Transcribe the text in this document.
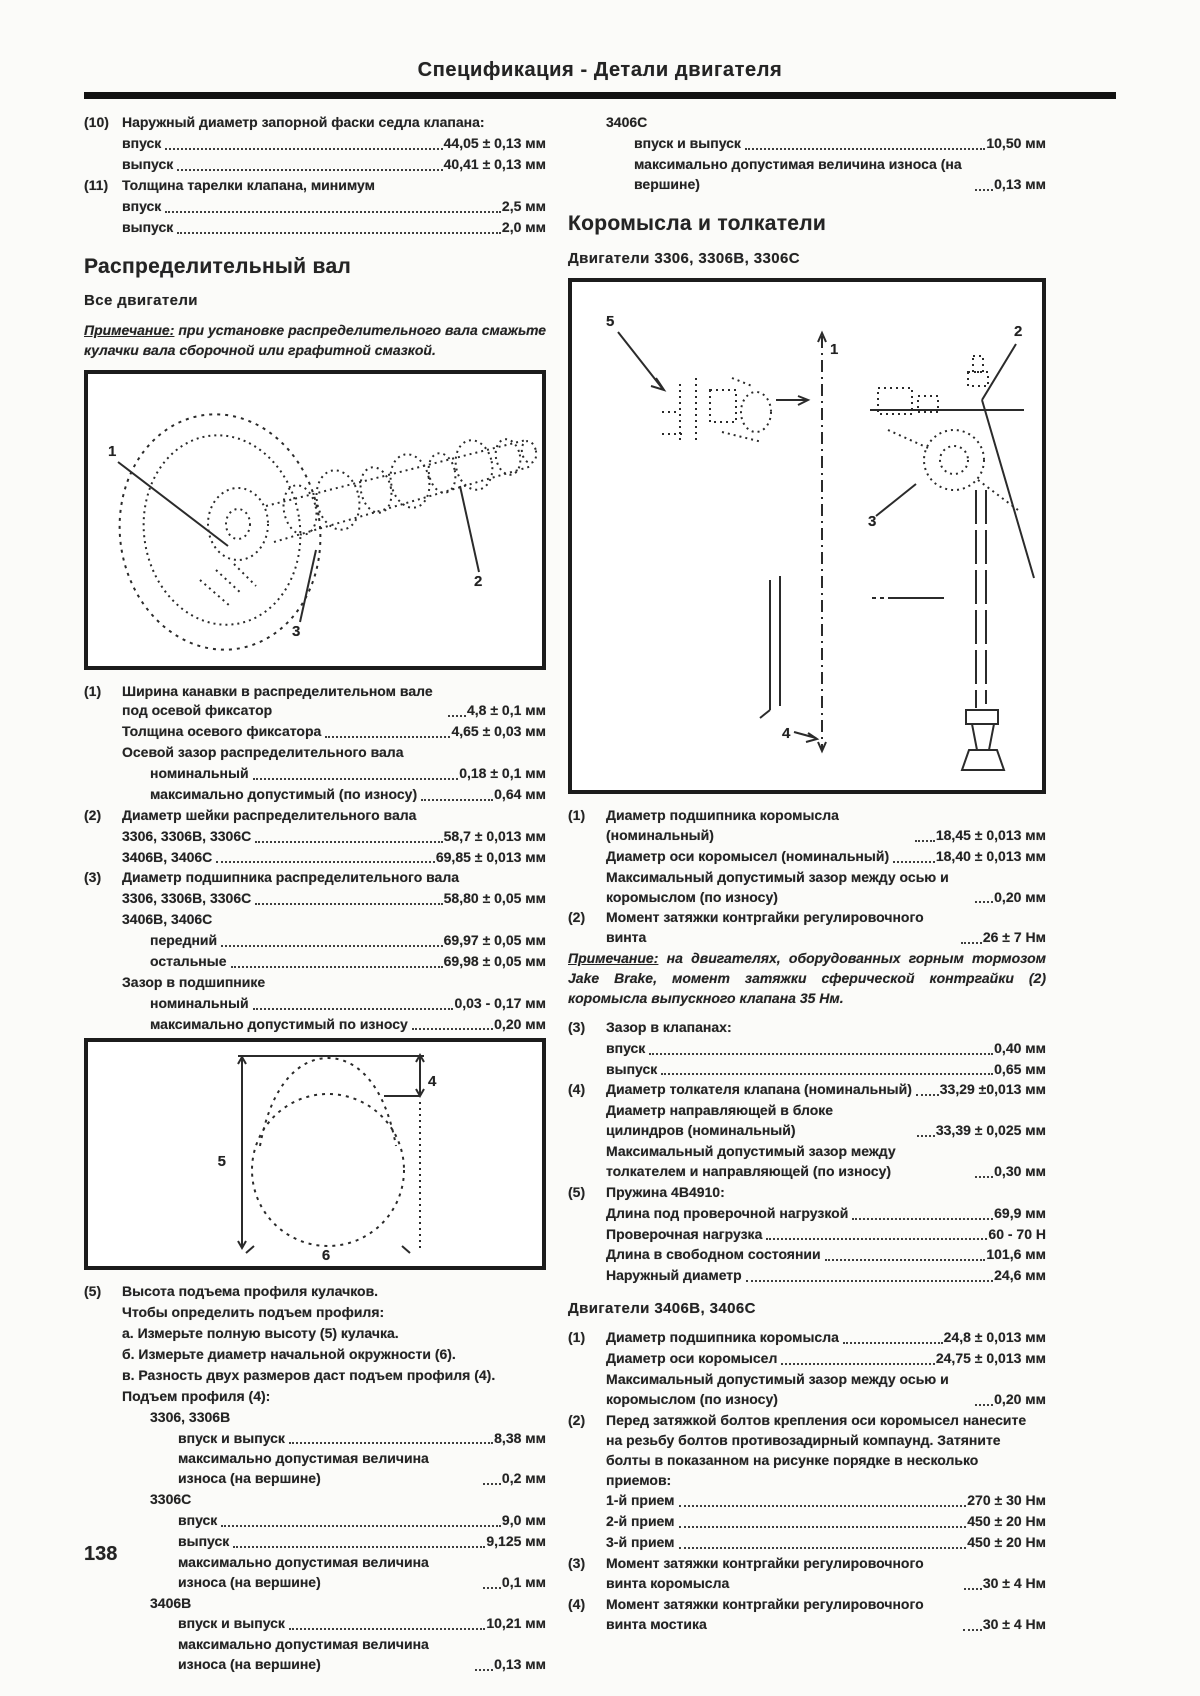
Спецификация - Детали двигателя
(10) Наружный диаметр запорной фаски седла клапана:
впуск	44,05 ± 0,13 мм
выпуск	40,41 ± 0,13 мм
(11) Толщина тарелки клапана, минимум
впуск	2,5 мм
выпуск	2,0 мм
Распределительный вал
Все двигатели

Примечание: при установке распределительного вала смажьте кулачки вала сборочной или графитной смазкой.

1
2
3
(1) Ширина канавки в распределительном вале под осевой фиксатор	4,8 ± 0,1 мм
Толщина осевого фиксатора	4,65 ± 0,03 мм
Осевой зазор распределительного вала
номинальный	0,18 ± 0,1 мм
максимально допустимый (по износу)	0,64 мм
(2) Диаметр шейки распределительного вала
3306, 3306B, 3306C	58,7 ± 0,013 мм
3406B, 3406C	69,85 ± 0,013 мм
(3) Диаметр подшипника распределительного вала
3306, 3306B, 3306C	58,80 ± 0,05 мм
3406B, 3406C
передний	69,97 ± 0,05 мм
остальные	69,98 ± 0,05 мм
Зазор в подшипнике
номинальный	0,03 - 0,17 мм
максимально допустимый по износу	0,20 мм
5
4
6
(5) Высота подъема профиля кулачков.
Чтобы определить подъем профиля:
а. Измерьте полную высоту (5) кулачка.
б. Измерьте диаметр начальной окружности (6).
в. Разность двух размеров даст подъем профиля (4).
Подъем профиля (4):
3306, 3306B
впуск и выпуск	8,38 мм
максимально допустимая величина износа (на вершине)	0,2 мм
3306C
впуск	9,0 мм
выпуск	9,125 мм
максимально допустимая величина износа (на вершине)	0,1 мм
3406B
впуск и выпуск	10,21 мм
максимально допустимая величина износа (на вершине)	0,13 мм
3406C
впуск и выпуск	10,50 мм
максимально допустимая величина износа (на вершине)	0,13 мм
Коромысла и толкатели
Двигатели 3306, 3306B, 3306C
5
2
1
3
4
(1) Диаметр подшипника коромысла (номинальный)	18,45 ± 0,013 мм
Диаметр оси коромысел (номинальный)	18,40 ± 0,013 мм
Максимальный допустимый зазор между осью и коромыслом (по износу)	0,20 мм
(2) Момент затяжки контргайки регулировочного винта	26 ± 7 Нм

Примечание: на двигателях, оборудованных горным тормозом Jake Brake, момент затяжки сферической контргайки (2) коромысла выпускного клапана 35 Нм.

(3) Зазор в клапанах:
впуск	0,40 мм
выпуск	0,65 мм
(4) Диаметр толкателя клапана (номинальный) 33,29 ±0,013 мм
Диаметр направляющей в блоке цилиндров (номинальный)	33,39 ± 0,025 мм
Максимальный допустимый зазор между толкателем и направляющей (по износу)	0,30 мм
(5) Пружина 4B4910:
Длина под проверочной нагрузкой	69,9 мм
Проверочная нагрузка	60 - 70 Н
Длина в свободном состоянии	101,6 мм
Наружный диаметр	24,6 мм
Двигатели 3406B, 3406C
(1) Диаметр подшипника коромысла	24,8 ± 0,013 мм
Диаметр оси коромысел	24,75 ± 0,013 мм
Максимальный допустимый зазор между осью и коромыслом (по износу)	0,20 мм
(2) Перед затяжкой болтов крепления оси коромысел нанесите на резьбу болтов противозадирный компаунд. Затяните болты в показанном на рисунке порядке в несколько приемов:
1-й прием	270 ± 30 Нм
2-й прием	450 ± 20 Нм
3-й прием	450 ± 20 Нм
(3) Момент затяжки контргайки регулировочного винта коромысла	30 ± 4 Нм
(4) Момент затяжки контргайки регулировочного винта мостика	30 ± 4 Нм
138
